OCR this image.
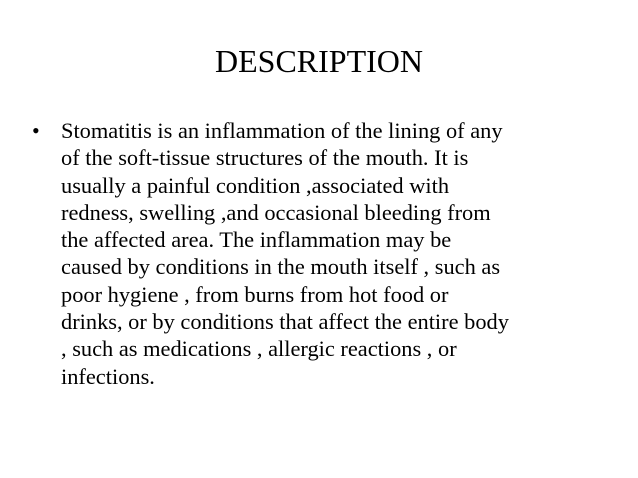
DESCRIPTION
• Stomatitis is an inflammation of the lining of any
of the soft-tissue structures of the mouth. It is
usually a painful condition ,associated with
redness, swelling ,and occasional bleeding from
the affected area. The inflammation may be
caused by conditions in the mouth itself , such as
poor hygiene , from burns from hot food or
drinks, or by conditions that affect the entire body
, such as medications , allergic reactions , or
infections.
